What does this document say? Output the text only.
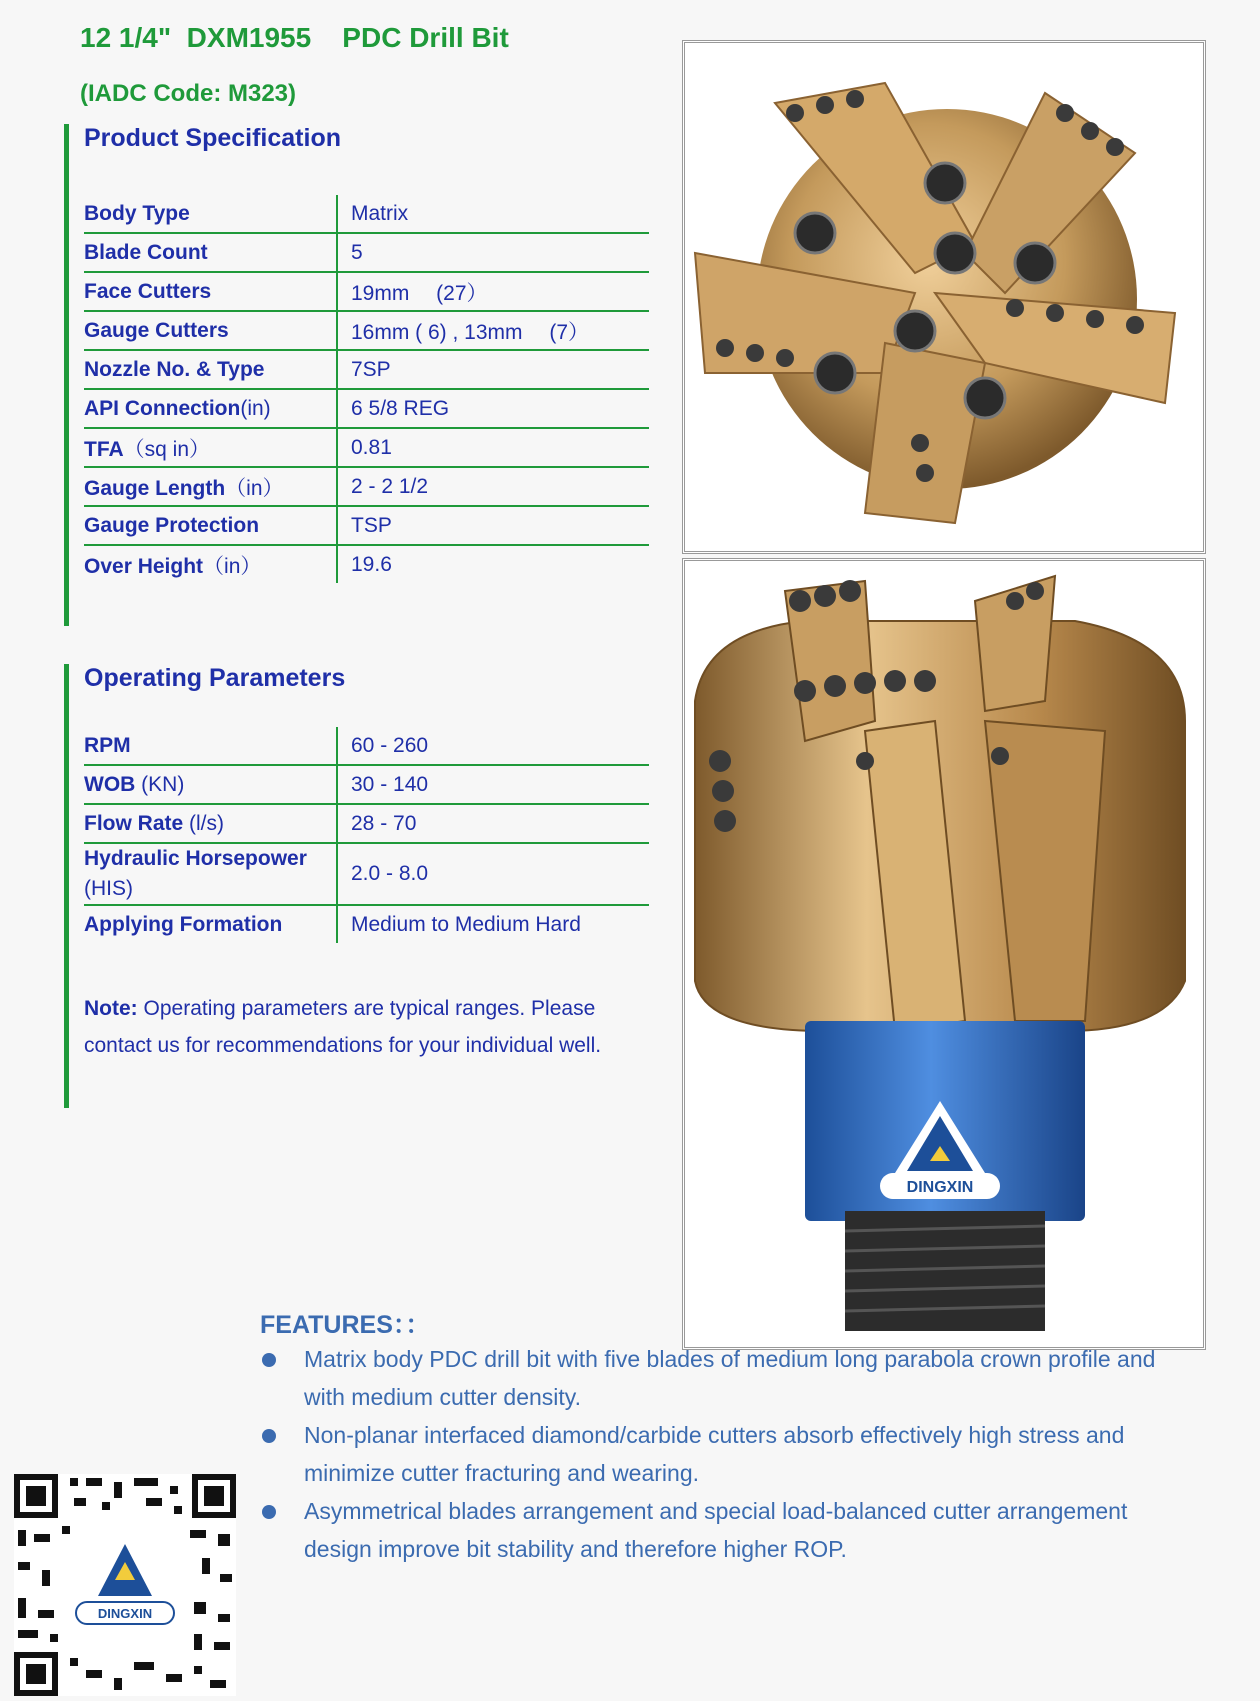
12 1/4"  DXM1955    PDC Drill Bit
(IADC Code: M323)
Product Specification
Body Type	Matrix
Blade Count	5
Face Cutters	19mm 　(27）
Gauge Cutters	16mm ( 6) , 13mm 　(7）
Nozzle No. & Type	7SP
API Connection(in)	6 5/8 REG
TFA（sq in）	0.81
Gauge Length（in）	2 - 2 1/2
Gauge Protection	TSP
Over Height（in）	19.6
Operating Parameters
RPM	60 - 260
WOB (KN)	30 - 140
Flow Rate (l/s)	28 - 70
Hydraulic Horsepower (HIS)	2.0 - 8.0
Applying Formation	Medium to Medium Hard
Note: Operating parameters are typical ranges. Please contact us for recommendations for your individual well.
DINGXIN
DINGXIN
FEATURES：：
Matrix body PDC drill bit with five blades of medium long parabola crown profile and with medium cutter density.
Non-planar interfaced diamond/carbide cutters absorb effectively high stress and minimize cutter fracturing and wearing.
Asymmetrical blades arrangement and special load-balanced cutter arrangement design improve bit stability and therefore higher ROP.
